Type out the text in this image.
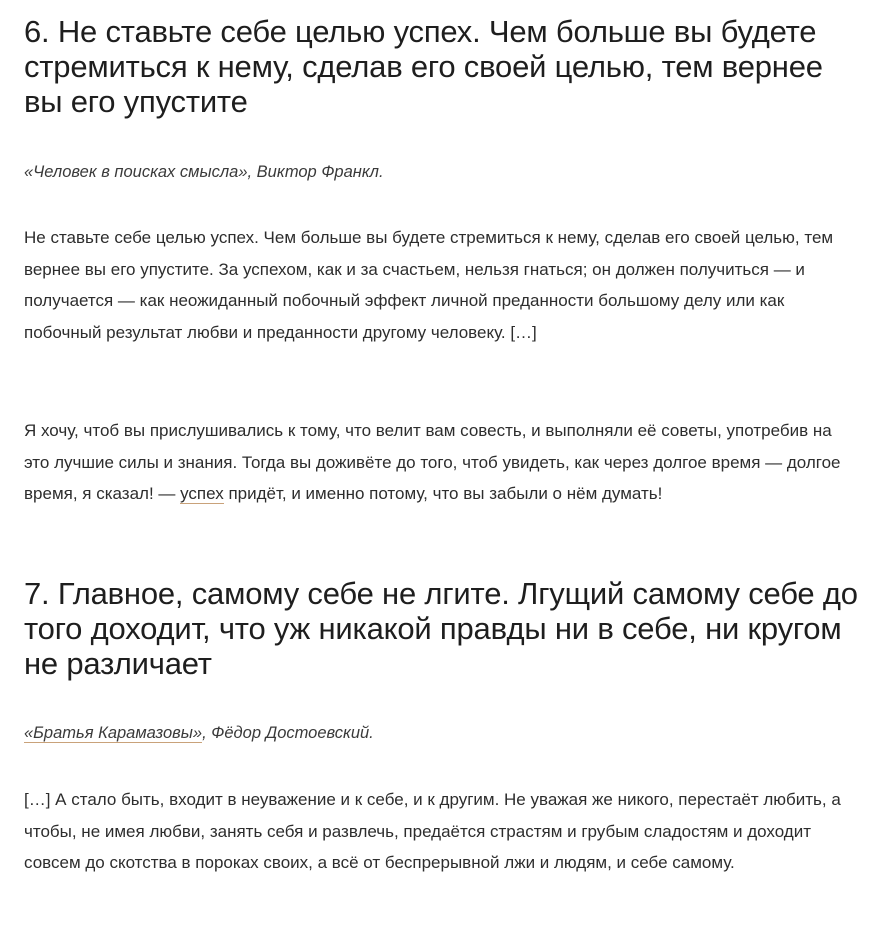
6. Не ставьте себе целью успех. Чем больше вы будете стремиться к нему, сделав его своей целью, тем вернее вы его упустите

«Человек в поисках смысла», Виктор Франкл.

Не ставьте себе целью успех. Чем больше вы будете стремиться к нему, сделав его своей целью, тем вернее вы его упустите. За успехом, как и за счастьем, нельзя гнаться; он должен получиться — и получается — как неожиданный побочный эффект личной преданности большому делу или как побочный результат любви и преданности другому человеку. […]

Я хочу, чтоб вы прислушивались к тому, что велит вам совесть, и выполняли её советы, употребив на это лучшие силы и знания. Тогда вы доживёте до того, чтоб увидеть, как через долгое время — долгое время, я сказал! — успех придёт, и именно потому, что вы забыли о нём думать!

7. Главное, самому себе не лгите. Лгущий самому себе до того доходит, что уж никакой правды ни в себе, ни кругом не различает

«Братья Карамазовы», Фёдор Достоевский.

[…] А стало быть, входит в неуважение и к себе, и к другим. Не уважая же никого, перестаёт любить, а чтобы, не имея любви, занять себя и развлечь, предаётся страстям и грубым сладостям и доходит совсем до скотства в пороках своих, а всё от беспрерывной лжи и людям, и себе самому.
